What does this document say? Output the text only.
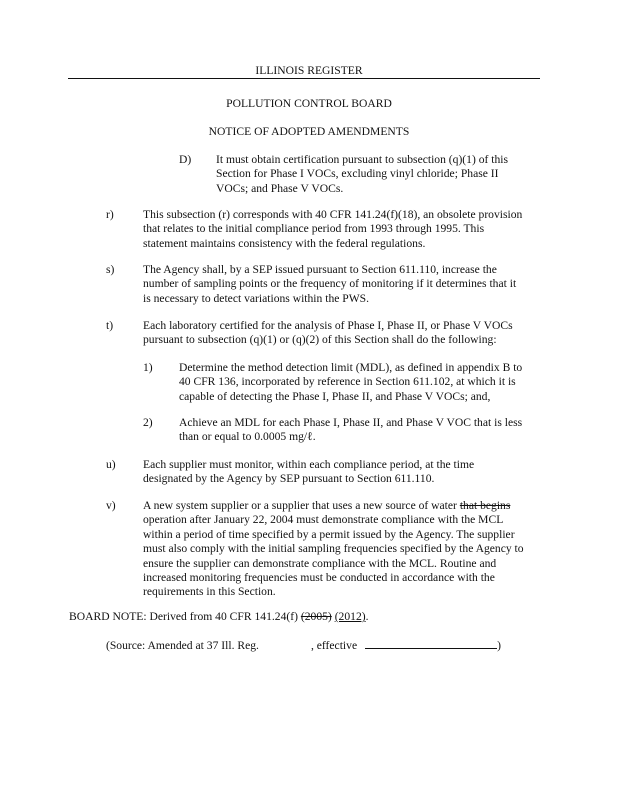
ILLINOIS REGISTER
POLLUTION CONTROL BOARD
NOTICE OF ADOPTED AMENDMENTS
D) It must obtain certification pursuant to subsection (q)(1) of this
Section for Phase I VOCs, excluding vinyl chloride; Phase II
VOCs; and Phase V VOCs.
r)	This subsection (r) corresponds with 40 CFR 141.24(f)(18), an obsolete provision
that relates to the initial compliance period from 1993 through 1995. This
statement maintains consistency with the federal regulations.
s) The Agency shall, by a SEP issued pursuant to Section 611.110, increase the
number of sampling points or the frequency of monitoring if it determines that it
is necessary to detect variations within the PWS.
t)	Each laboratory certified for the analysis of Phase I, Phase II, or Phase V VOCs
pursuant to subsection (q)(1) or (q)(2) of this Section shall do the following:
1) Determine the method detection limit (MDL), as defined in appendix B to
40 CFR 136, incorporated by reference in Section 611.102, at which it is
capable of detecting the Phase I, Phase II, and Phase V VOCs; and,
2) Achieve an MDL for each Phase I, Phase II, and Phase V VOC that is less
than or equal to 0.0005 mg/ℓ.
u) Each supplier must monitor, within each compliance period, at the time
designated by the Agency by SEP pursuant to Section 611.110.
v) A new system supplier or a supplier that uses a new source of water that begins
operation after January 22, 2004 must demonstrate compliance with the MCL
within a period of time specified by a permit issued by the Agency. The supplier
must also comply with the initial sampling frequencies specified by the Agency to
ensure the supplier can demonstrate compliance with the MCL. Routine and
increased monitoring frequencies must be conducted in accordance with the
requirements in this Section.
BOARD NOTE: Derived from 40 CFR 141.24(f) (2005) (2012).
(Source: Amended at 37 Ill. Reg.	, effective	)
